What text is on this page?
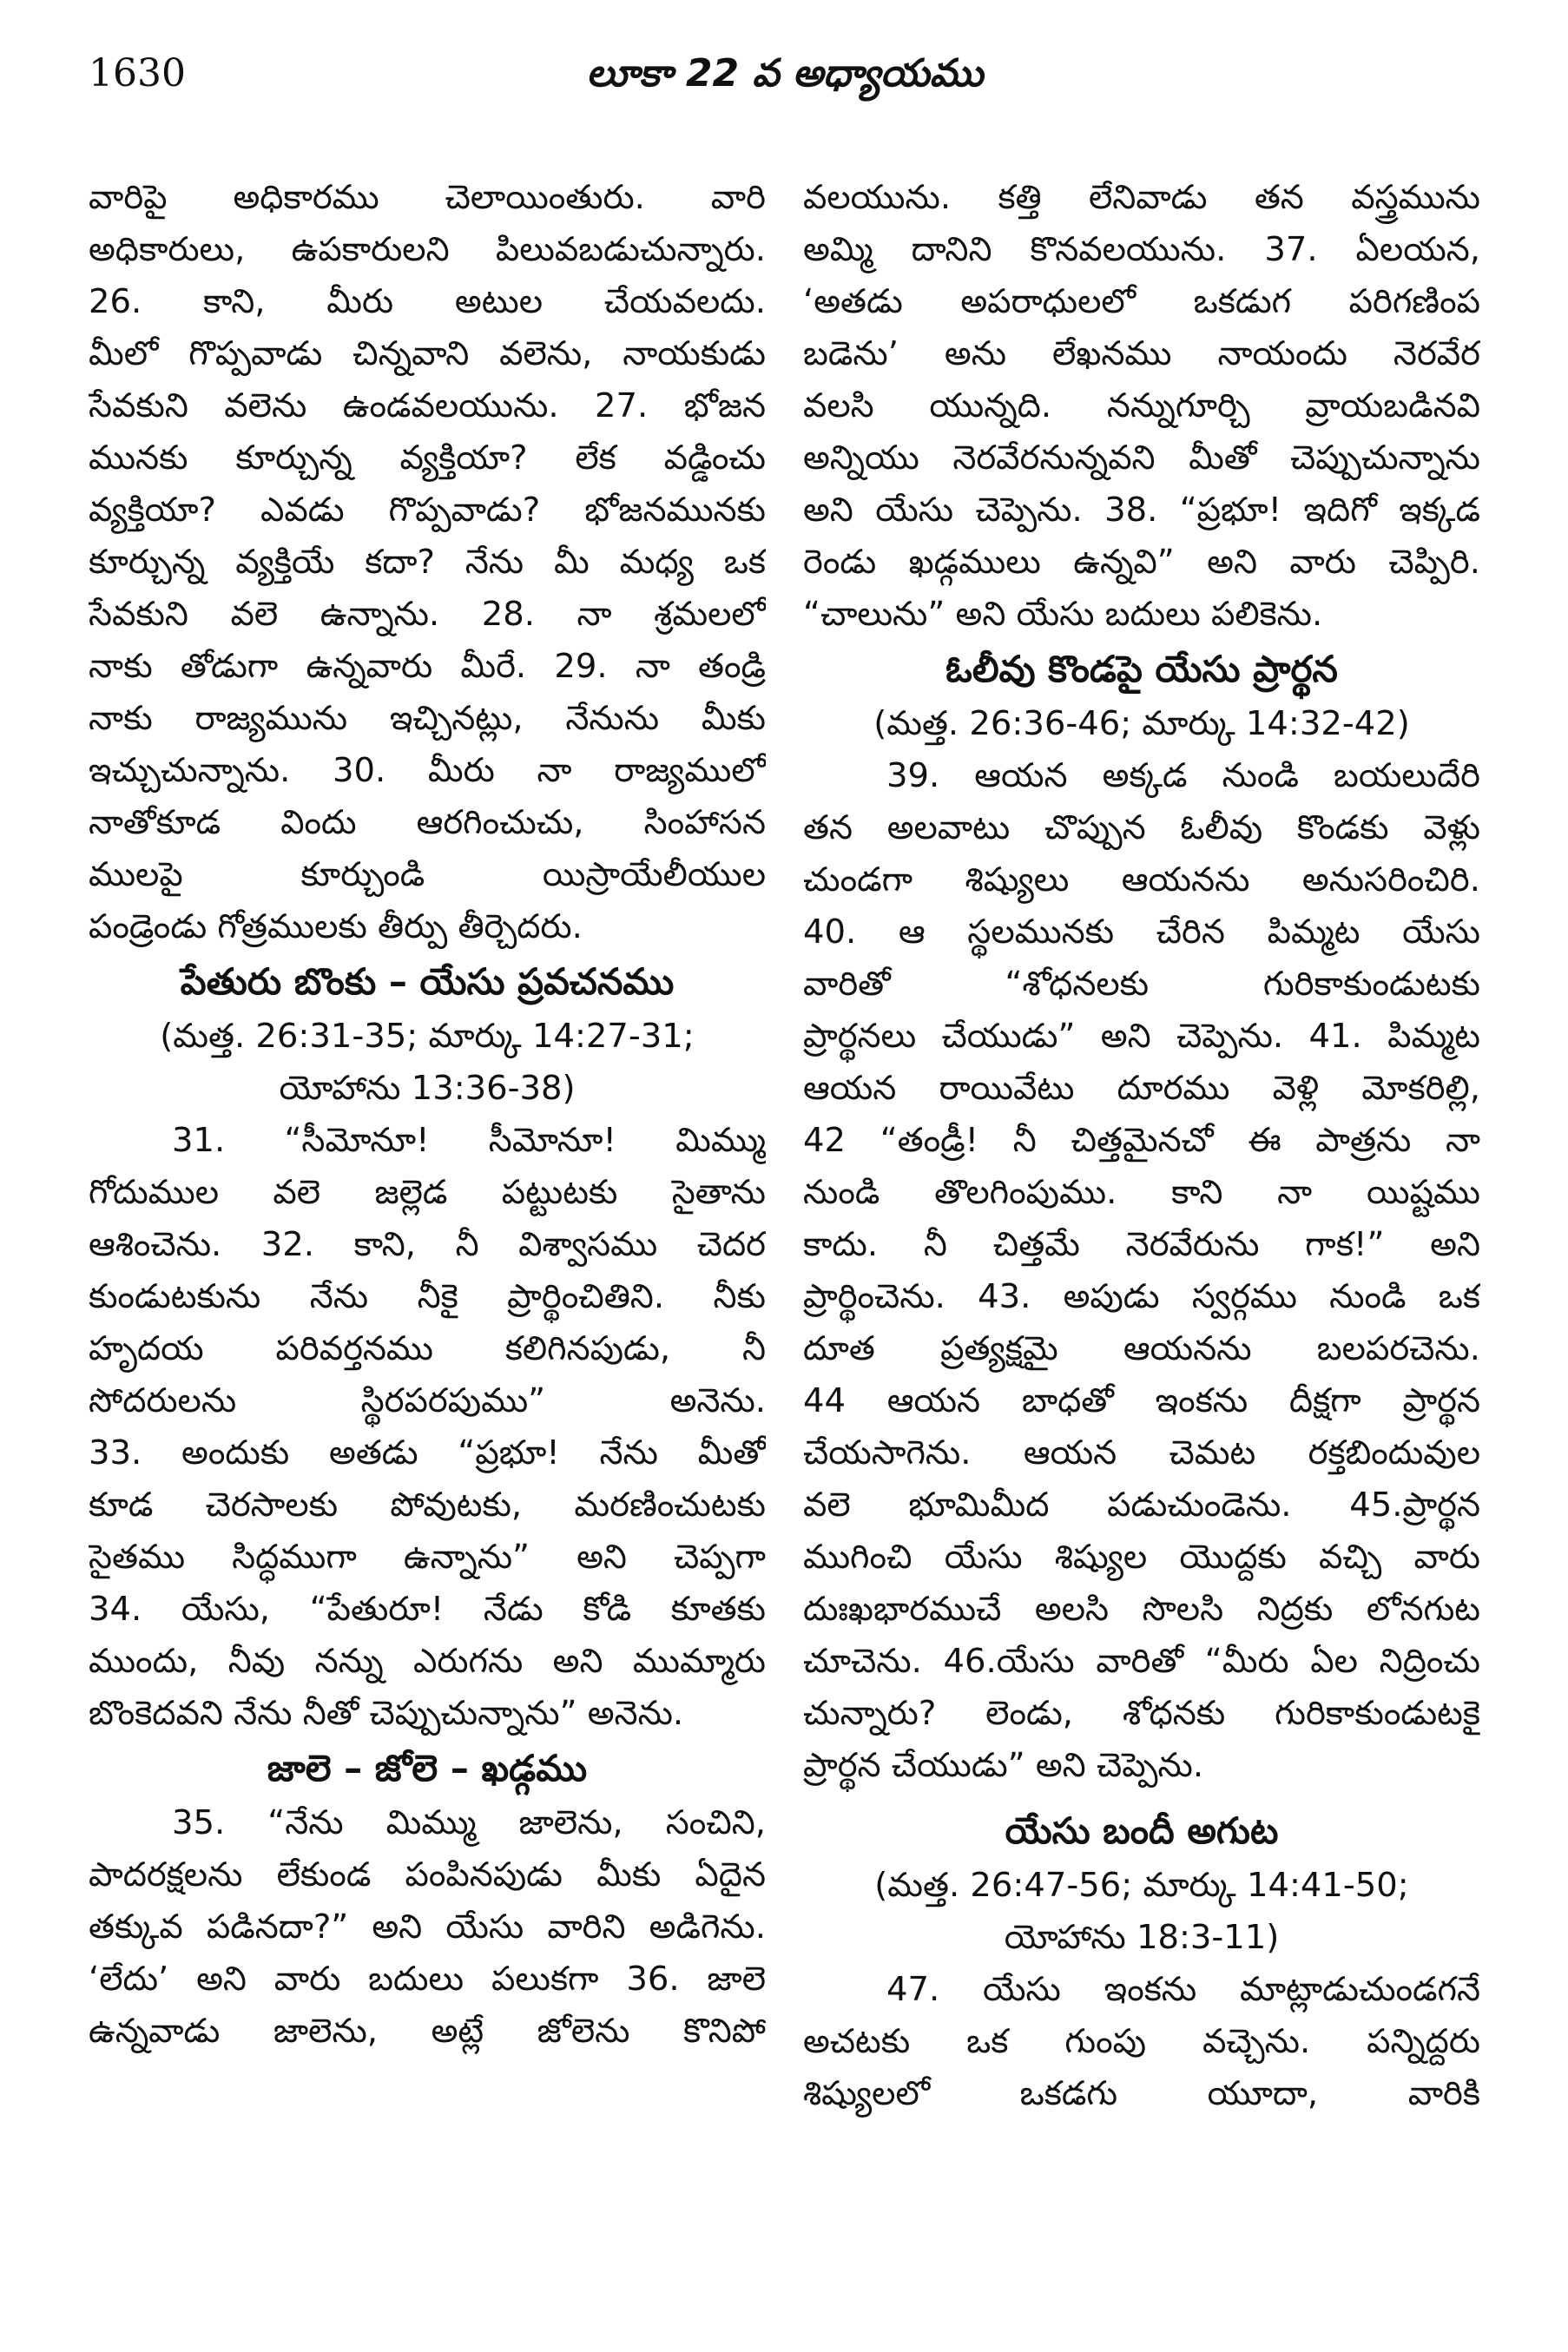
1630	లూకా 22 వ అధ్యాయము
వారిపై అధికారము చెలాయింతురు. వారి
అధికారులు, ఉపకారులని పిలువబడుచున్నారు.
26. కాని, మీరు అటుల చేయవలదు.
మీలో గొప్పవాడు చిన్నవాని వలెను, నాయకుడు
సేవకుని వలెను ఉండవలయును. 27. భోజన
మునకు కూర్చున్న వ్యక్తియా? లేక వడ్డించు
వ్యక్తియా? ఎవడు గొప్పవాడు? భోజనమునకు
కూర్చున్న వ్యక్తియే కదా? నేను మీ మధ్య ఒక
సేవకుని వలె ఉన్నాను. 28. నా శ్రమలలో
నాకు తోడుగా ఉన్నవారు మీరే. 29. నా తండ్రి
నాకు రాజ్యమును ఇచ్చినట్లు, నేనును మీకు
ఇచ్చుచున్నాను. 30. మీరు నా రాజ్యములో
నాతోకూడ విందు ఆరగించుచు, సింహాసన
ములపై కూర్చుండి యిస్రాయేలీయుల
పండ్రెండు గోత్రములకు తీర్పు తీర్చెదరు.
పేతురు బొంకు – యేసు ప్రవచనము
(మత్త. 26:31-35; మార్కు 14:27-31;
యోహాను 13:36-38)
31. “సీమోనూ! సీమోనూ! మిమ్ము
గోదుముల వలె జల్లెడ పట్టుటకు సైతాను
ఆశించెను. 32. కాని, నీ విశ్వాసము చెదర
కుండుటకును నేను నీకై ప్రార్థించితిని. నీకు
హృదయ పరివర్తనము కలిగినపుడు, నీ
సోదరులను స్థిరపరపుము” అనెను.
33. అందుకు అతడు “ప్రభూ! నేను మీతో
కూడ చెరసాలకు పోవుటకు, మరణించుటకు
సైతము సిద్ధముగా ఉన్నాను” అని చెప్పగా
34. యేసు, “పేతురూ! నేడు కోడి కూతకు
ముందు, నీవు నన్ను ఎరుగను అని ముమ్మారు
బొంకెదవని నేను నీతో చెప్పుచున్నాను” అనెను.
జాలె – జోలె – ఖడ్గము
35. “నేను మిమ్ము జాలెను, సంచిని,
పాదరక్షలను లేకుండ పంపినపుడు మీకు ఏదైన
తక్కువ పడినదా?” అని యేసు వారిని అడిగెను.
‘లేదు’ అని వారు బదులు పలుకగా 36. జాలె
ఉన్నవాడు జాలెను, అట్లే జోలెను కొనిపో
వలయును. కత్తి లేనివాడు తన వస్త్రమును
అమ్మి దానిని కొనవలయును. 37. ఏలయన,
‘అతడు అపరాధులలో ఒకడుగ పరిగణింప
బడెను’ అను లేఖనము నాయందు నెరవేర
వలసి యున్నది. నన్నుగూర్చి వ్రాయబడినవి
అన్నియు నెరవేరనున్నవని మీతో చెప్పుచున్నాను
అని యేసు చెప్పెను. 38. “ప్రభూ! ఇదిగో ఇక్కడ
రెండు ఖడ్గములు ఉన్నవి” అని వారు చెప్పిరి.
“చాలును” అని యేసు బదులు పలికెను.
ఓలీవు కొండపై యేసు ప్రార్థన
(మత్త. 26:36-46; మార్కు 14:32-42)
39. ఆయన అక్కడ నుండి బయలుదేరి
తన అలవాటు చొప్పున ఓలీవు కొండకు వెళ్లు
చుండగా శిష్యులు ఆయనను అనుసరించిరి.
40. ఆ స్థలమునకు చేరిన పిమ్మట యేసు
వారితో “శోధనలకు గురికాకుండుటకు
ప్రార్థనలు చేయుడు” అని చెప్పెను. 41. పిమ్మట
ఆయన రాయివేటు దూరము వెళ్లి మోకరిల్లి,
42 “తండ్రీ! నీ చిత్తమైనచో ఈ పాత్రను నా
నుండి తొలగింపుము. కాని నా యిష్టము
కాదు. నీ చిత్తమే నెరవేరును గాక!” అని
ప్రార్థించెను. 43. అపుడు స్వర్గము నుండి ఒక
దూత ప్రత్యక్షమై ఆయనను బలపరచెను.
44 ఆయన బాధతో ఇంకను దీక్షగా ప్రార్థన
చేయసాగెను. ఆయన చెమట రక్తబిందువుల
వలె భూమిమీద పడుచుండెను. 45.ప్రార్థన
ముగించి యేసు శిష్యుల యొద్దకు వచ్చి వారు
దుఃఖభారముచే అలసి సొలసి నిద్రకు లోనగుట
చూచెను. 46.యేసు వారితో “మీరు ఏల నిద్రించు
చున్నారు? లెండు, శోధనకు గురికాకుండుటకై
ప్రార్థన చేయుడు” అని చెప్పెను.
యేసు బందీ అగుట
(మత్త. 26:47-56; మార్కు 14:41-50;
యోహాను 18:3-11)
47. యేసు ఇంకను మాట్లాడుచుండగనే
అచటకు ఒక గుంపు వచ్చెను. పన్నిద్దరు
శిష్యులలో ఒకడగు యూదా, వారికి
